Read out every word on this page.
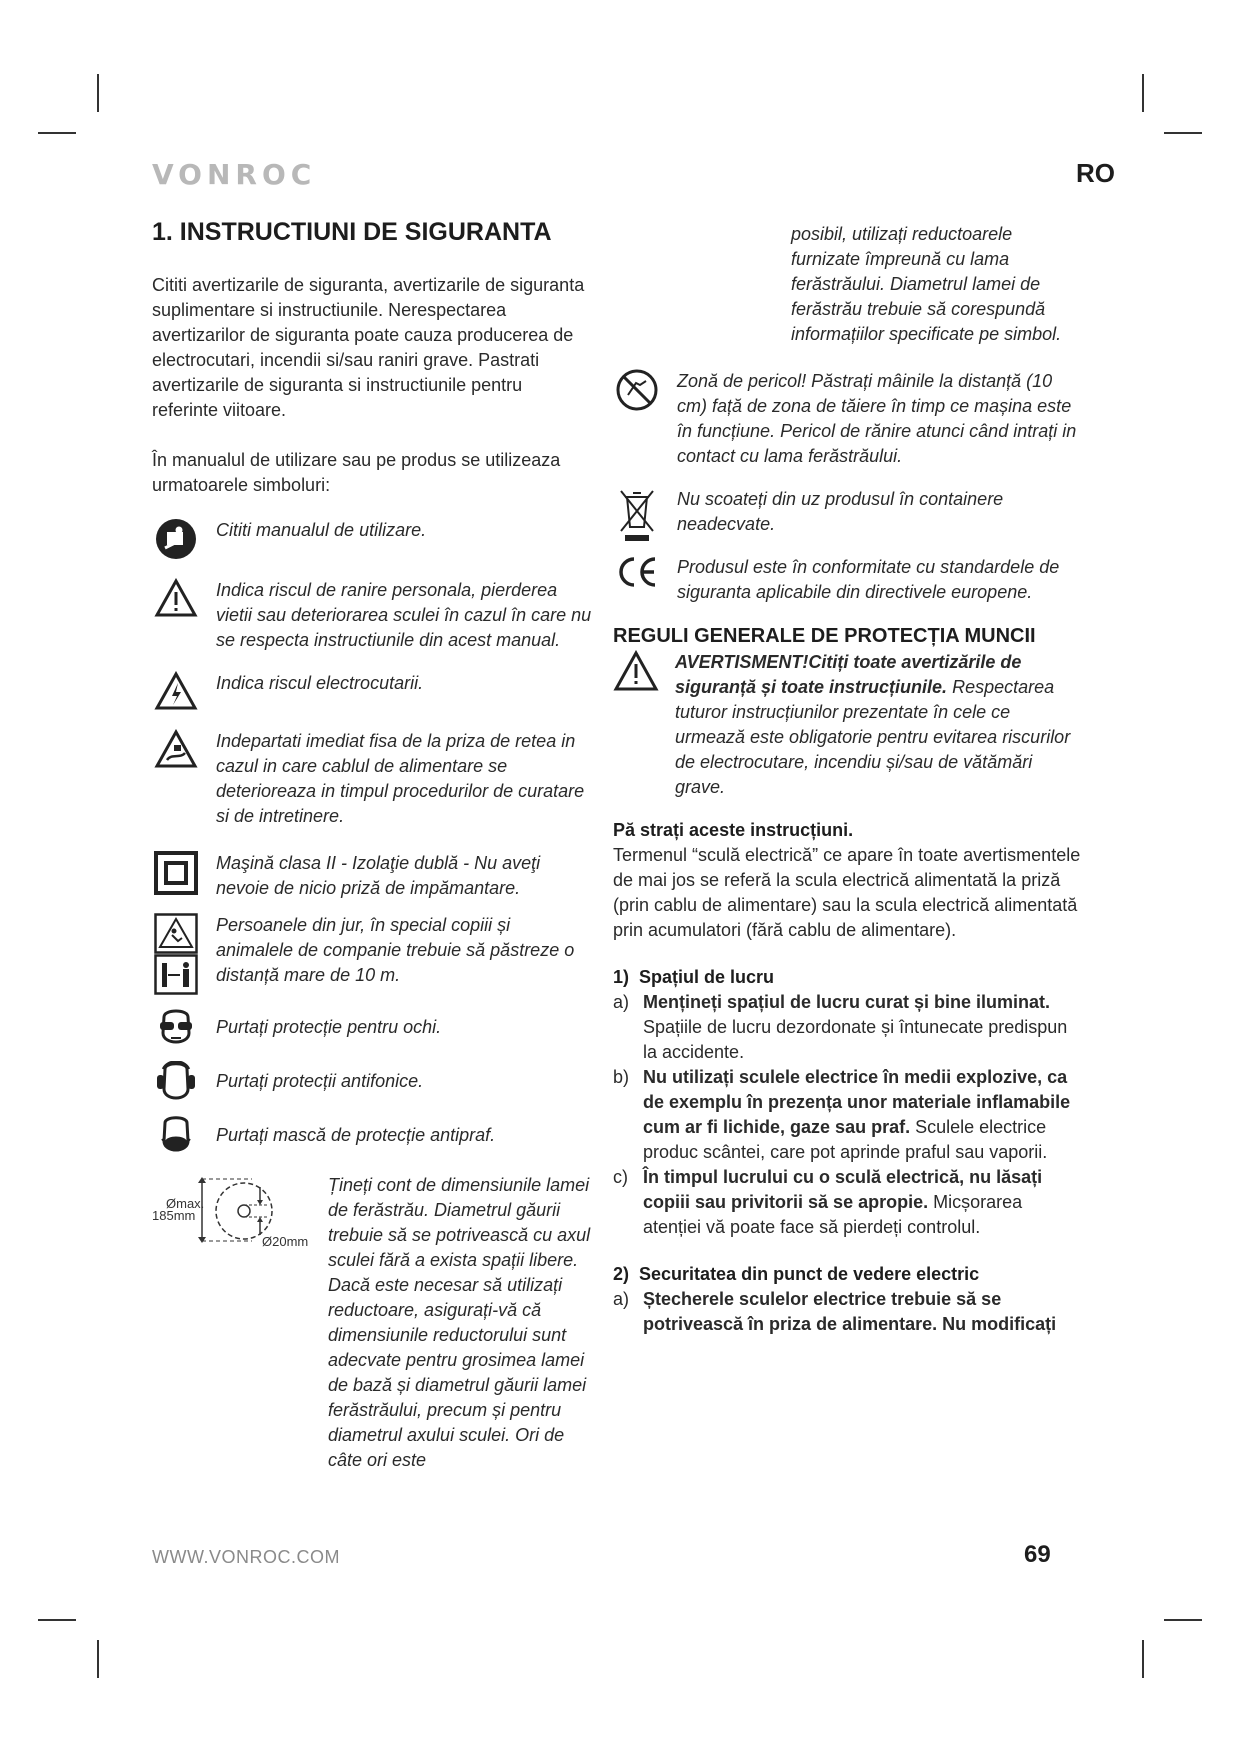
VONROC	RO
1. INSTRUCTIUNI DE SIGURANTA

Cititi avertizarile de siguranta, avertizarile de siguranta suplimentare si instructiunile. Nerespectarea avertizarilor de siguranta poate cauza producerea de electrocutari, incendii si/sau raniri grave. Pastrati avertizarile de siguranta si instructiunile pentru referinte viitoare.

În manualul de utilizare sau pe produs se utilizeaza urmatoarele simboluri:

Cititi manualul de utilizare.
Indica riscul de ranire personala, pierderea vietii sau deteriorarea sculei în cazul în care nu se respecta instructiunile din acest manual.
Indica riscul electrocutarii.
Indepartati imediat fisa de la priza de retea in cazul in care cablul de alimentare se deterioreaza in timpul procedurilor de curatare si de intretinere.
Maşină clasa II - Izolaţie dublă - Nu aveţi nevoie de nicio priză de impămantare.
Persoanele din jur, în special copiii și animalele de companie trebuie să păstreze o distanță mare de 10 m.
Purtați protecție pentru ochi.
Purtați protecții antifonice.
Purtați mască de protecție antipraf.
Ømax.
185mm
Ø20mm
Țineți cont de dimensiunile lamei de ferăstrău. Diametrul găurii trebuie să se potrivească cu axul sculei fără a exista spații libere. Dacă este necesar să utilizați reductoare, asigurați-vă că dimensiunile reductorului sunt adecvate pentru grosimea lamei de bază și diametrul găurii lamei ferăstrăului, precum și pentru diametrul axului sculei. Ori de câte ori este
posibil, utilizați reductoarele furnizate împreună cu lama ferăstrăului. Diametrul lamei de ferăstrău trebuie să corespundă informațiilor specificate pe simbol.
Zonă de pericol! Păstrați mâinile la distanță (10 cm) față de zona de tăiere în timp ce mașina este în funcțiune. Pericol de rănire atunci când intrați in contact cu lama ferăstrăului.
Nu scoateți din uz produsul în containere neadecvate.
Produsul este în conformitate cu standardele de siguranta aplicabile din directivele europene.
REGULI GENERALE DE PROTECȚIA MUNCII
AVERTISMENT!Citiți toate avertizările de siguranță și toate instrucțiunile. Respectarea tuturor instrucțiunilor prezentate în cele ce urmează este obligatorie pentru evitarea riscurilor de electrocutare, incendiu și/sau de vătămări grave.

Pă strați aceste instrucțiuni.

Termenul “sculă electrică” ce apare în toate avertismentele de mai jos se referă la scula electrică alimentată la priză (prin cablu de alimentare) sau la scula electrică alimentată prin acumulatori (fără cablu de alimentare).

1) Spațiul de lucru
a) Mențineți spațiul de lucru curat și bine iluminat. Spațiile de lucru dezordonate și întunecate predispun la accidente.
b) Nu utilizați sculele electrice în medii explozive, ca de exemplu în prezența unor materiale inflamabile cum ar fi lichide, gaze sau praf. Sculele electrice produc scântei, care pot aprinde praful sau vaporii.
c) În timpul lucrului cu o sculă electrică, nu lăsați copiii sau privitorii să se apropie. Micșorarea atenției vă poate face să pierdeți controlul.
2) Securitatea din punct de vedere electric
a) Ștecherele sculelor electrice trebuie să se potrivească în priza de alimentare. Nu modificați
WWW.VONROC.COM	69
